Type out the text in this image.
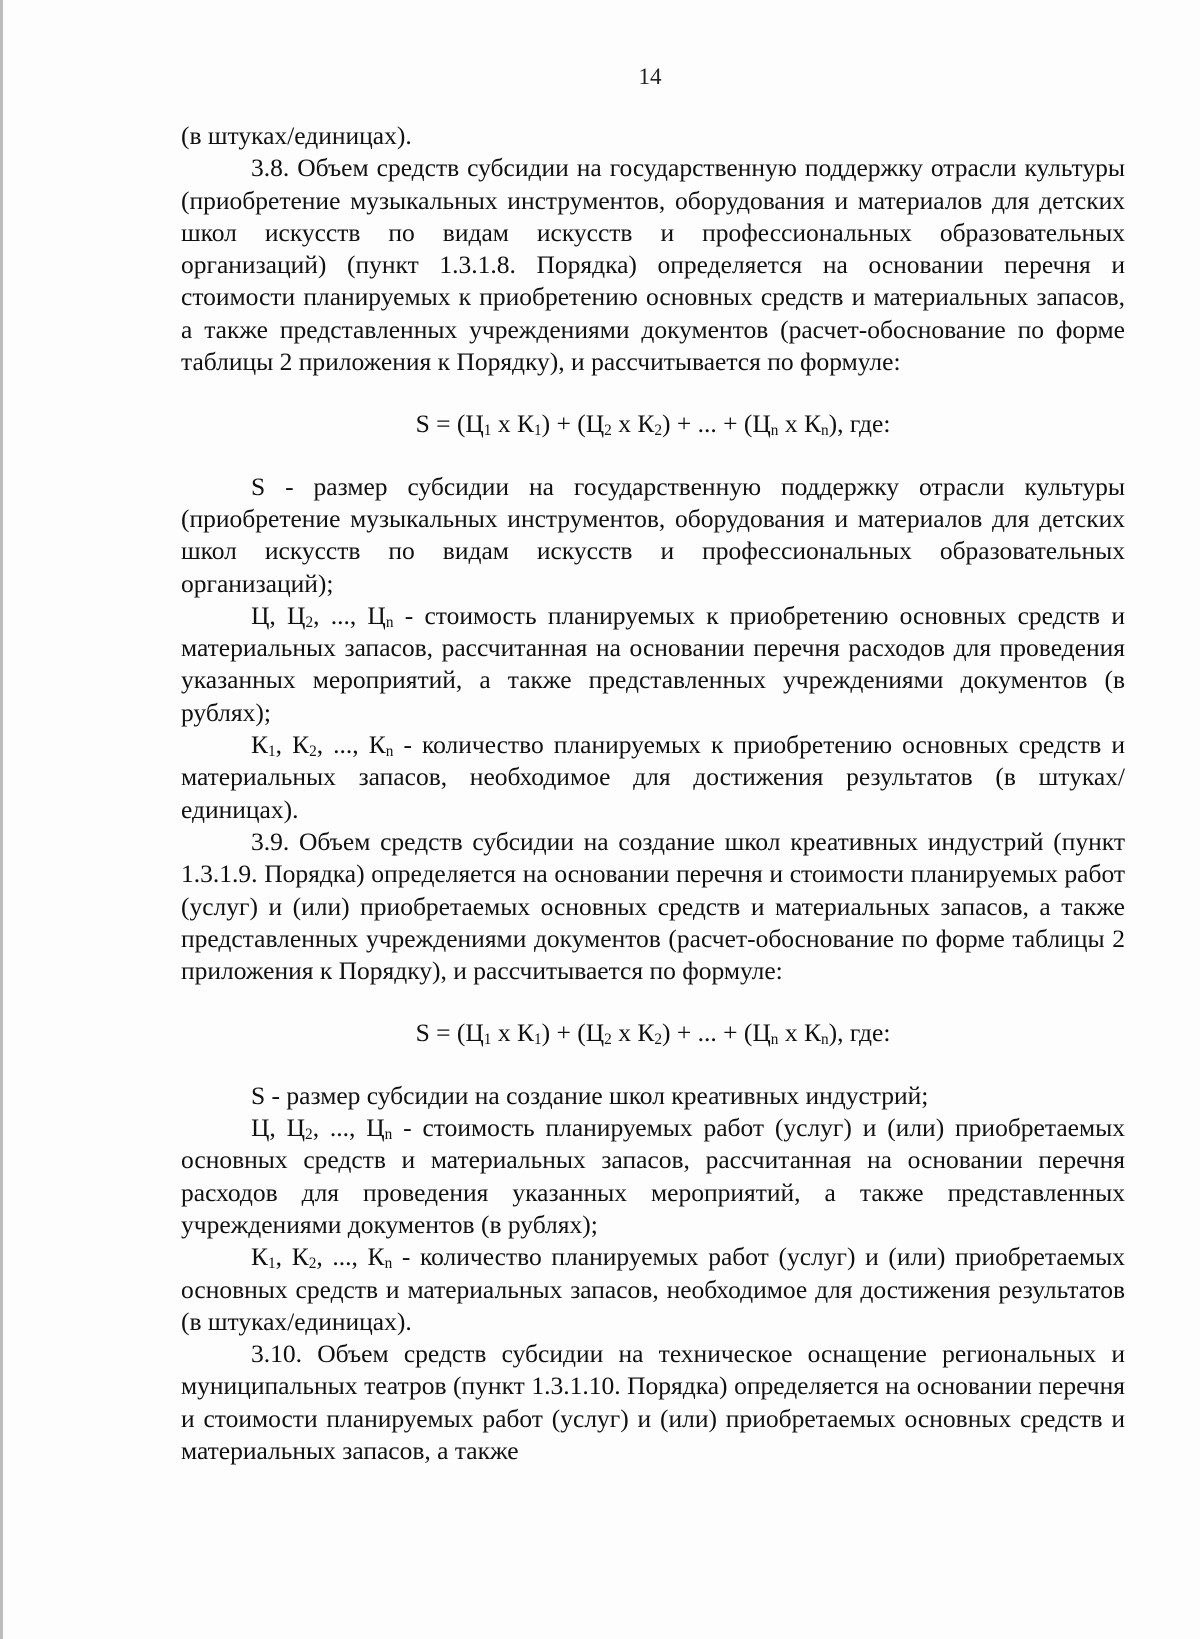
14

(в штуках/единицах).

3.8. Объем средств субсидии на государственную поддержку отрасли культуры (приобретение музыкальных инструментов, оборудования и материалов для детских школ искусств по видам искусств и профессиональных образовательных организаций) (пункт 1.3.1.8. Порядка) определяется на основании перечня и стоимости планируемых к приобретению основных средств и материальных запасов, а также представленных учреждениями документов (расчет-обоснование по форме таблицы 2 приложения к Порядку), и рассчитывается по формуле:

$S = (Ц_1$ x $К_1) + (Ц_2$ x $К_2$) + ... + ($Ц_n$ x $К_n$), где:

S - размер субсидии на государственную поддержку отрасли культуры (приобретение музыкальных инструментов, оборудования и материалов для детских школ искусств по видам искусств и профессиональных образовательных организаций);

Ц, $Ц_2$, ..., $Ц_n$ - стоимость планируемых к приобретению основных средств и материальных запасов, рассчитанная на основании перечня расходов для проведения указанных мероприятий, а также представленных учреждениями документов (в рублях);

$К_1$, $К_2$, ..., $К_n$ - количество планируемых к приобретению основных средств и материальных запасов, необходимое для достижения результатов (в штуках/единицах).

3.9. Объем средств субсидии на создание школ креативных индустрий (пункт 1.3.1.9. Порядка) определяется на основании перечня и стоимости планируемых работ (услуг) и (или) приобретаемых основных средств и материальных запасов, а также представленных учреждениями документов (расчет-обоснование по форме таблицы 2 приложения к Порядку), и рассчитывается по формуле:

$S = (Ц_1$ x $К_1) + (Ц_2$ x $К_2$) + ... + ($Ц_n$ x $К_n$), где:

S - размер субсидии на создание школ креативных индустрий;

Ц, $Ц_2$, ..., $Ц_n$ - стоимость планируемых работ (услуг) и (или) приобретаемых основных средств и материальных запасов, рассчитанная на основании перечня расходов для проведения указанных мероприятий, а также представленных учреждениями документов (в рублях);

$К_1$, $К_2$, ..., $К_n$ - количество планируемых работ (услуг) и (или) приобретаемых основных средств и материальных запасов, необходимое для достижения результатов (в штуках/единицах).

3.10. Объем средств субсидии на техническое оснащение региональных и муниципальных театров (пункт 1.3.1.10. Порядка) определяется на основании перечня и стоимости планируемых работ (услуг) и (или) приобретаемых основных средств и материальных запасов, а также
